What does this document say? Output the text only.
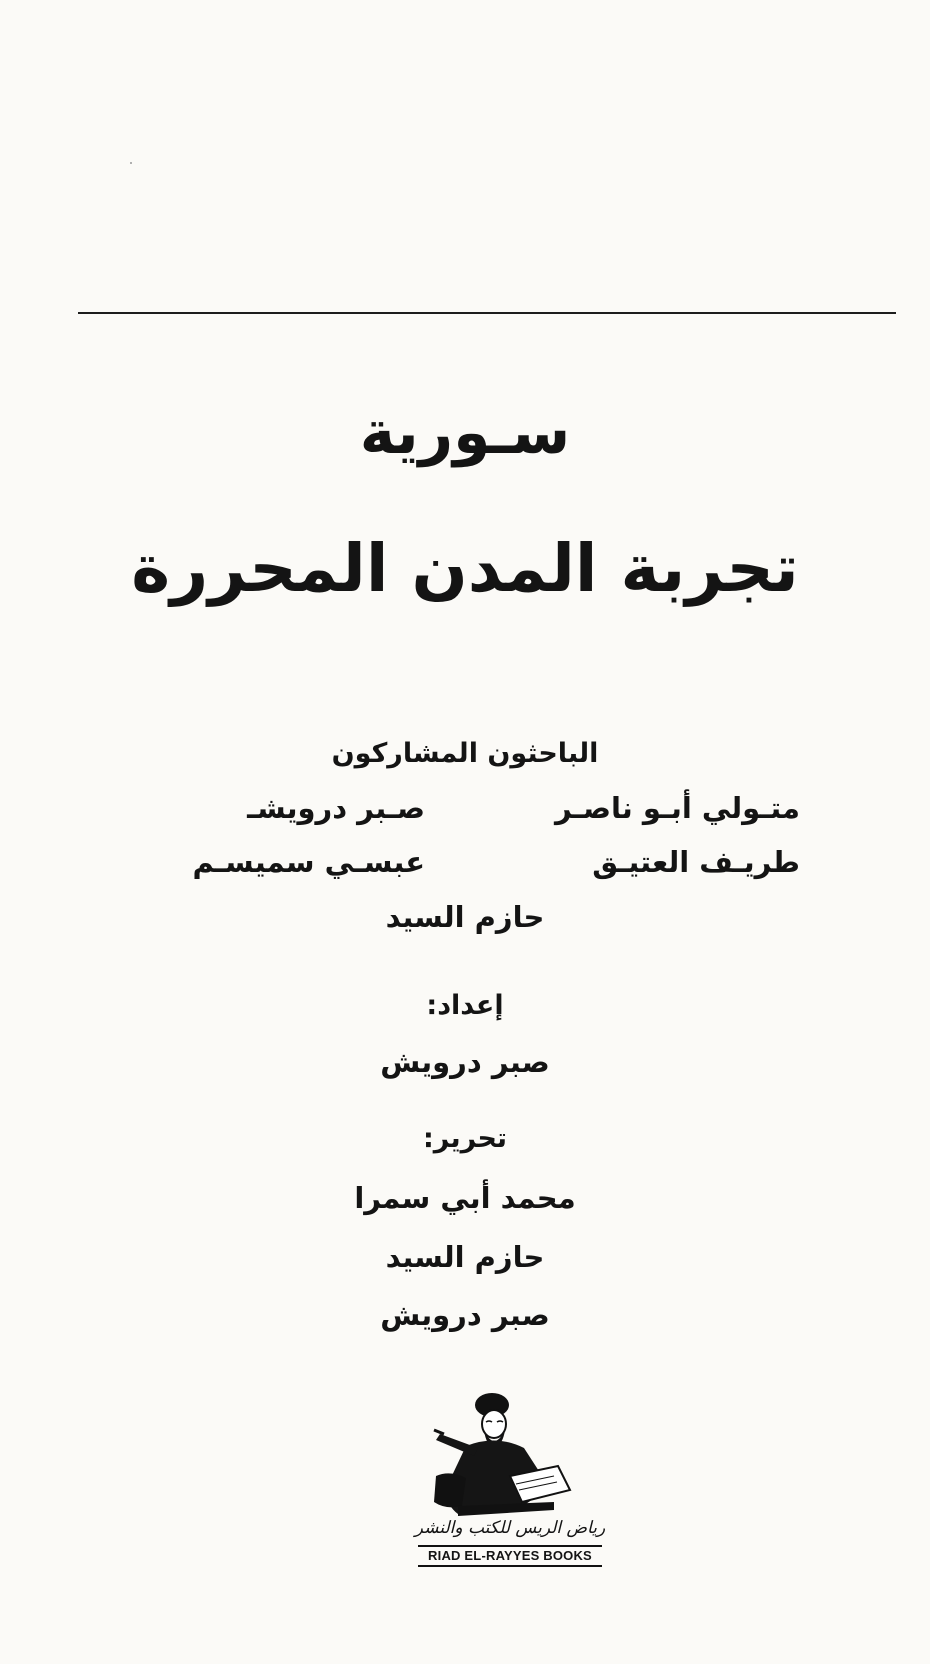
سـورية
تجربة المدن المحررة
الباحثون المشاركون
متـولي أبـو ناصـر
صـبر درويشـ
طريـف العتيـق
عبسـي سميسـم
حازم السيد
إعداد:
صبر درويش
تحرير:
محمد أبي سمرا
حازم السيد
صبر درويش
رياض الريس للكتب والنشر
RIAD EL-RAYYES BOOKS
